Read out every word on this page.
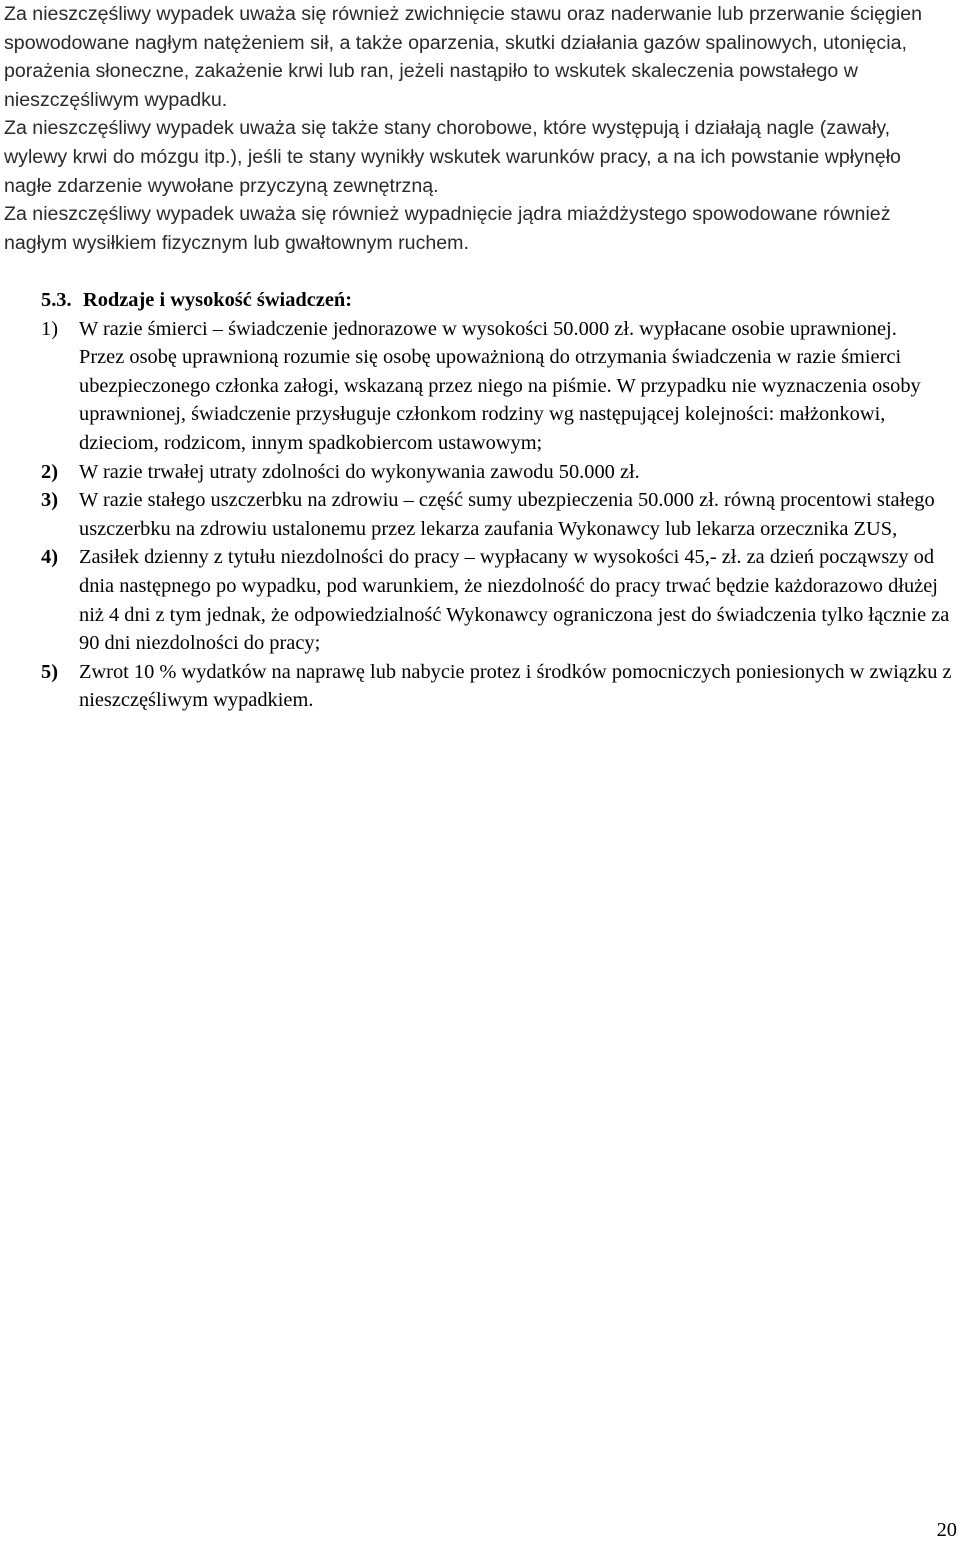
Za nieszczęśliwy wypadek uważa się również zwichnięcie stawu oraz naderwanie lub przerwanie ścięgien spowodowane nagłym natężeniem sił, a także oparzenia, skutki działania gazów spalinowych, utonięcia, porażenia słoneczne, zakażenie krwi lub ran, jeżeli nastąpiło to wskutek skaleczenia powstałego w nieszczęśliwym wypadku.

Za nieszczęśliwy wypadek uważa się także stany chorobowe, które występują i działają nagle (zawały, wylewy krwi do mózgu itp.), jeśli te stany wynikły wskutek warunków pracy, a na ich powstanie wpłynęło nagłe zdarzenie wywołane przyczyną zewnętrzną.

Za nieszczęśliwy wypadek uważa się również wypadnięcie jądra miażdżystego spowodowane również nagłym wysiłkiem fizycznym lub gwałtownym ruchem.

5.3. Rodzaje i wysokość świadczeń:
1)	W razie śmierci – świadczenie jednorazowe w wysokości 50.000 zł. wypłacane osobie uprawnionej.

Przez osobę uprawnioną rozumie się osobę upoważnioną do otrzymania świadczenia w razie śmierci ubezpieczonego członka załogi, wskazaną przez niego na piśmie. W przypadku nie wyznaczenia osoby uprawnionej, świadczenie przysługuje członkom rodziny wg następującej kolejności: małżonkowi, dzieciom, rodzicom, innym spadkobiercom ustawowym;

2)	W razie trwałej utraty zdolności do wykonywania zawodu 50.000 zł.

3)	W razie stałego uszczerbku na zdrowiu – część sumy ubezpieczenia 50.000 zł. równą procentowi stałego uszczerbku na zdrowiu ustalonemu przez lekarza zaufania Wykonawcy lub lekarza orzecznika ZUS,

4)	Zasiłek dzienny z tytułu niezdolności do pracy – wypłacany w wysokości 45,- zł. za dzień począwszy od dnia następnego po wypadku, pod warunkiem, że niezdolność do pracy trwać będzie każdorazowo dłużej niż 4 dni z tym jednak, że odpowiedzialność Wykonawcy ograniczona jest do świadczenia tylko łącznie za 90 dni niezdolności do pracy;

5)	Zwrot 10 % wydatków na naprawę lub nabycie protez i środków pomocniczych poniesionych w związku z nieszczęśliwym wypadkiem.

20
